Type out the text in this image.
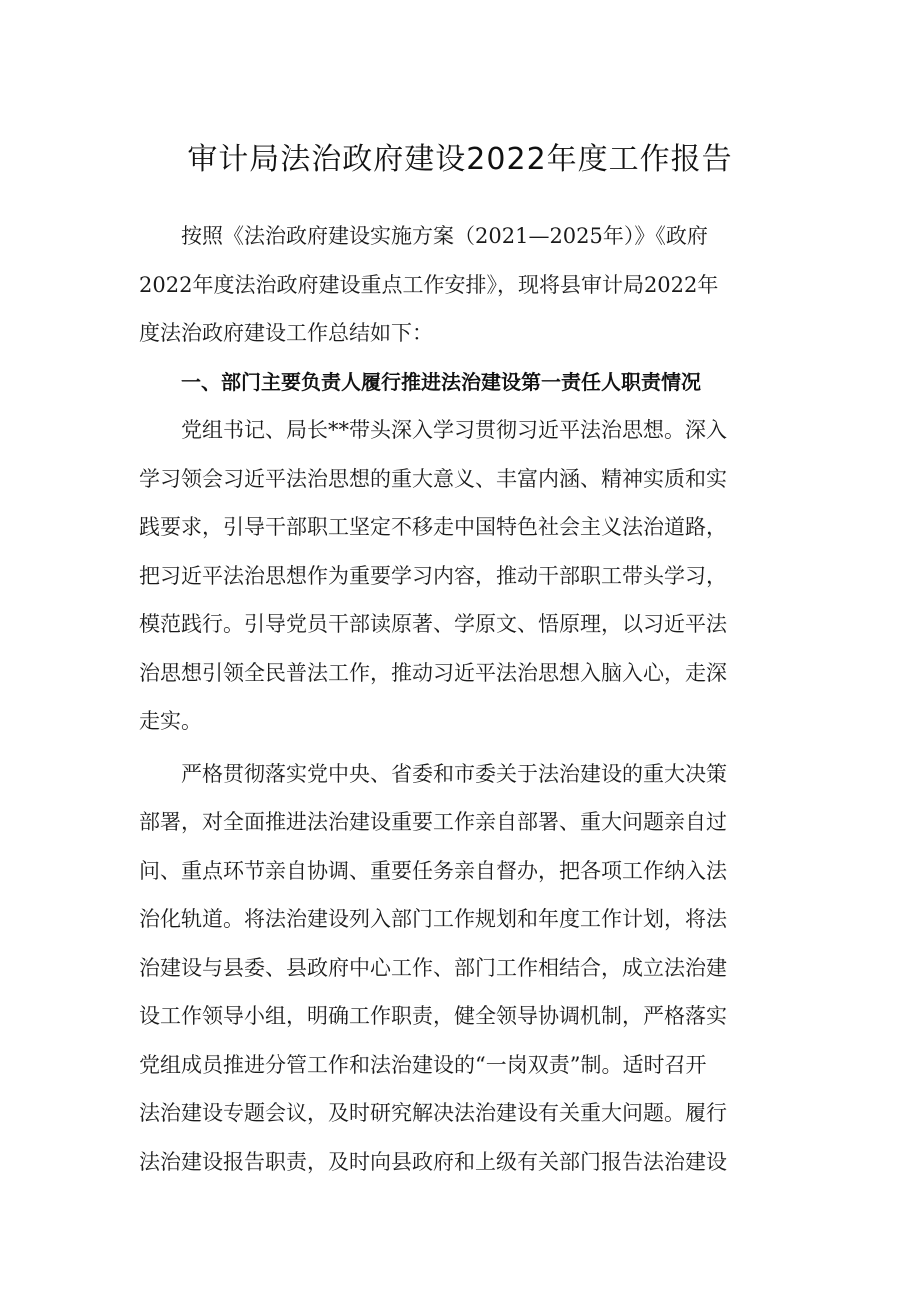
审计局法治政府建设2022年度工作报告

按照《法治政府建设实施方案（2021—2025年）》《政府
2022年度法治政府建设重点工作安排》，现将县审计局2022年
度法治政府建设工作总结如下：

一、部门主要负责人履行推进法治建设第一责任人职责情况

党组书记、局长**带头深入学习贯彻习近平法治思想。深入
学习领会习近平法治思想的重大意义、丰富内涵、精神实质和实
践要求，引导干部职工坚定不移走中国特色社会主义法治道路，
把习近平法治思想作为重要学习内容，推动干部职工带头学习，
模范践行。引导党员干部读原著、学原文、悟原理，以习近平法
治思想引领全民普法工作，推动习近平法治思想入脑入心，走深
走实。

严格贯彻落实党中央、省委和市委关于法治建设的重大决策
部署，对全面推进法治建设重要工作亲自部署、重大问题亲自过
问、重点环节亲自协调、重要任务亲自督办，把各项工作纳入法
治化轨道。将法治建设列入部门工作规划和年度工作计划，将法
治建设与县委、县政府中心工作、部门工作相结合，成立法治建
设工作领导小组，明确工作职责，健全领导协调机制，严格落实
党组成员推进分管工作和法治建设的“一岗双责”制。适时召开
法治建设专题会议，及时研究解决法治建设有关重大问题。履行
法治建设报告职责，及时向县政府和上级有关部门报告法治建设
